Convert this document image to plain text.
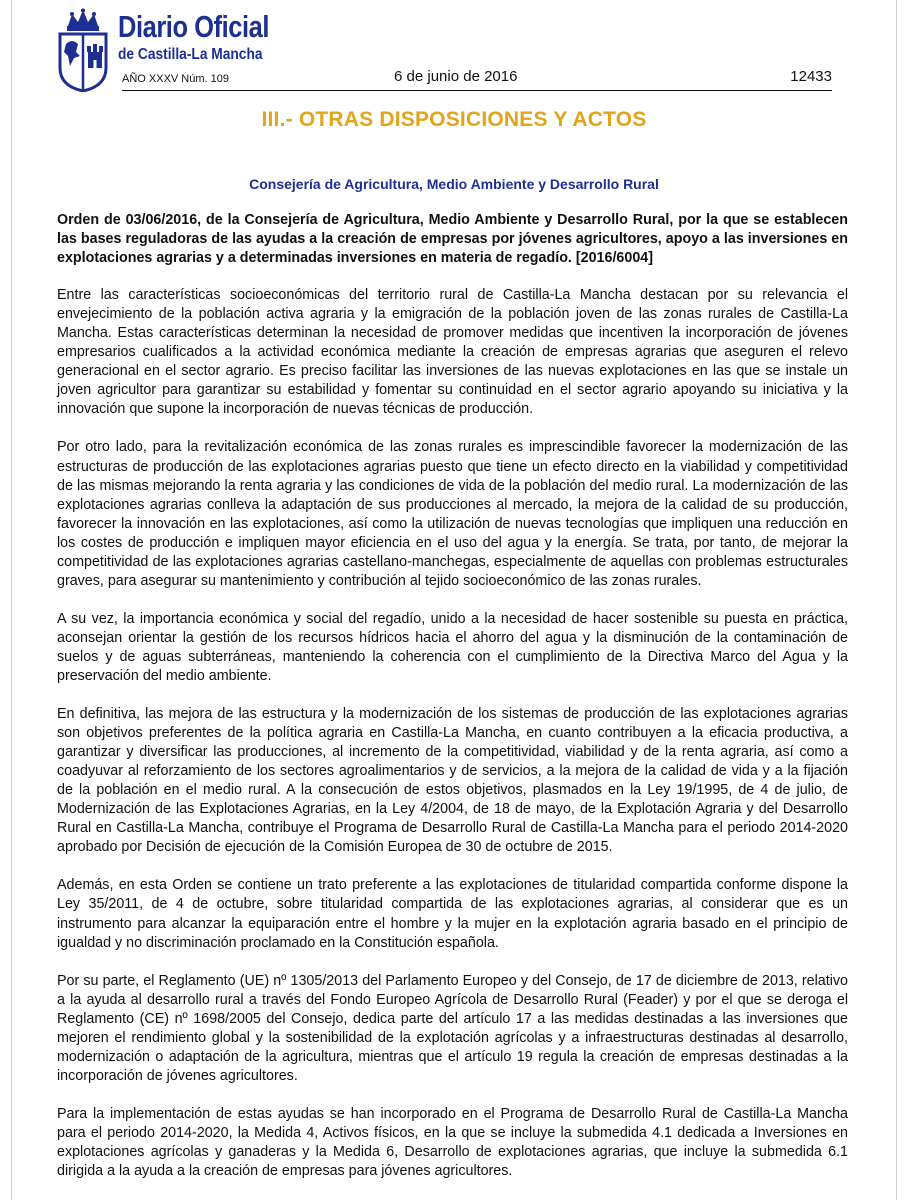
Diario Oficial
de Castilla-La Mancha
AÑO XXXV Núm. 109	6 de junio de 2016	12433
III.- OTRAS DISPOSICIONES Y ACTOS
Consejería de Agricultura, Medio Ambiente y Desarrollo Rural

Orden de 03/06/2016, de la Consejería de Agricultura, Medio Ambiente y Desarrollo Rural, por la que se establecen las bases reguladoras de las ayudas a la creación de empresas por jóvenes agricultores, apoyo a las inversiones en explotaciones agrarias y a determinadas inversiones en materia de regadío. [2016/6004]

Entre las características socioeconómicas del territorio rural de Castilla-La Mancha destacan por su relevancia el envejecimiento de la población activa agraria y la emigración de la población joven de las zonas rurales de Castilla-La Mancha. Estas características determinan la necesidad de promover medidas que incentiven la incorporación de jóvenes empresarios cualificados a la actividad económica mediante la creación de empresas agrarias que aseguren el relevo generacional en el sector agrario. Es preciso facilitar las inversiones de las nuevas explotaciones en las que se instale un joven agricultor para garantizar su estabilidad y fomentar su continuidad en el sector agrario apoyando su iniciativa y la innovación que supone la incorporación de nuevas técnicas de producción.

Por otro lado, para la revitalización económica de las zonas rurales es imprescindible favorecer la modernización de las estructuras de producción de las explotaciones agrarias puesto que tiene un efecto directo en la viabilidad y competitividad de las mismas mejorando la renta agraria y las condiciones de vida de la población del medio rural. La modernización de las explotaciones agrarias conlleva la adaptación de sus producciones al mercado, la mejora de la calidad de su producción, favorecer la innovación en las explotaciones, así como la utilización de nuevas tecnologías que impliquen una reducción en los costes de producción e impliquen mayor eficiencia en el uso del agua y la energía. Se trata, por tanto, de mejorar la competitividad de las explotaciones agrarias castellano-manchegas, especialmente de aquellas con problemas estructurales graves, para asegurar su mantenimiento y contribución al tejido socioeconómico de las zonas rurales.

A su vez, la importancia económica y social del regadío, unido a la necesidad de hacer sostenible su puesta en práctica, aconsejan orientar la gestión de los recursos hídricos hacia el ahorro del agua y la disminución de la contaminación de suelos y de aguas subterráneas, manteniendo la coherencia con el cumplimiento de la Directiva Marco del Agua y la preservación del medio ambiente.

En definitiva, las mejora de las estructura y la modernización de los sistemas de producción de las explotaciones agrarias son objetivos preferentes de la política agraria en Castilla-La Mancha, en cuanto contribuyen a la eficacia productiva, a garantizar y diversificar las producciones, al incremento de la competitividad, viabilidad y de la renta agraria, así como a coadyuvar al reforzamiento de los sectores agroalimentarios y de servicios, a la mejora de la calidad de vida y a la fijación de la población en el medio rural. A la consecución de estos objetivos, plasmados en la Ley 19/1995, de 4 de julio, de Modernización de las Explotaciones Agrarias, en la Ley 4/2004, de 18 de mayo, de la Explotación Agraria y del Desarrollo Rural en Castilla-La Mancha, contribuye el Programa de Desarrollo Rural de Castilla-La Mancha para el periodo 2014-2020 aprobado por Decisión de ejecución de la Comisión Europea de 30 de octubre de 2015.

Además, en esta Orden se contiene un trato preferente a las explotaciones de titularidad compartida conforme dispone la Ley 35/2011, de 4 de octubre, sobre titularidad compartida de las explotaciones agrarias, al considerar que es un instrumento para alcanzar la equiparación entre el hombre y la mujer en la explotación agraria basado en el principio de igualdad y no discriminación proclamado en la Constitución española.

Por su parte, el Reglamento (UE) nº 1305/2013 del Parlamento Europeo y del Consejo, de 17 de diciembre de 2013, relativo a la ayuda al desarrollo rural a través del Fondo Europeo Agrícola de Desarrollo Rural (Feader) y por el que se deroga el Reglamento (CE) nº 1698/2005 del Consejo, dedica parte del artículo 17 a las medidas destinadas a las inversiones que mejoren el rendimiento global y la sostenibilidad de la explotación agrícolas y a infraestructuras destinadas al desarrollo, modernización o adaptación de la agricultura, mientras que el artículo 19 regula la creación de empresas destinadas a la incorporación de jóvenes agricultores.

Para la implementación de estas ayudas se han incorporado en el Programa de Desarrollo Rural de Castilla-La Mancha para el periodo 2014-2020, la Medida 4, Activos físicos, en la que se incluye la submedida 4.1 dedicada a Inversiones en explotaciones agrícolas y ganaderas y la Medida 6, Desarrollo de explotaciones agrarias, que incluye la submedida 6.1 dirigida a la ayuda a la creación de empresas para jóvenes agricultores.
